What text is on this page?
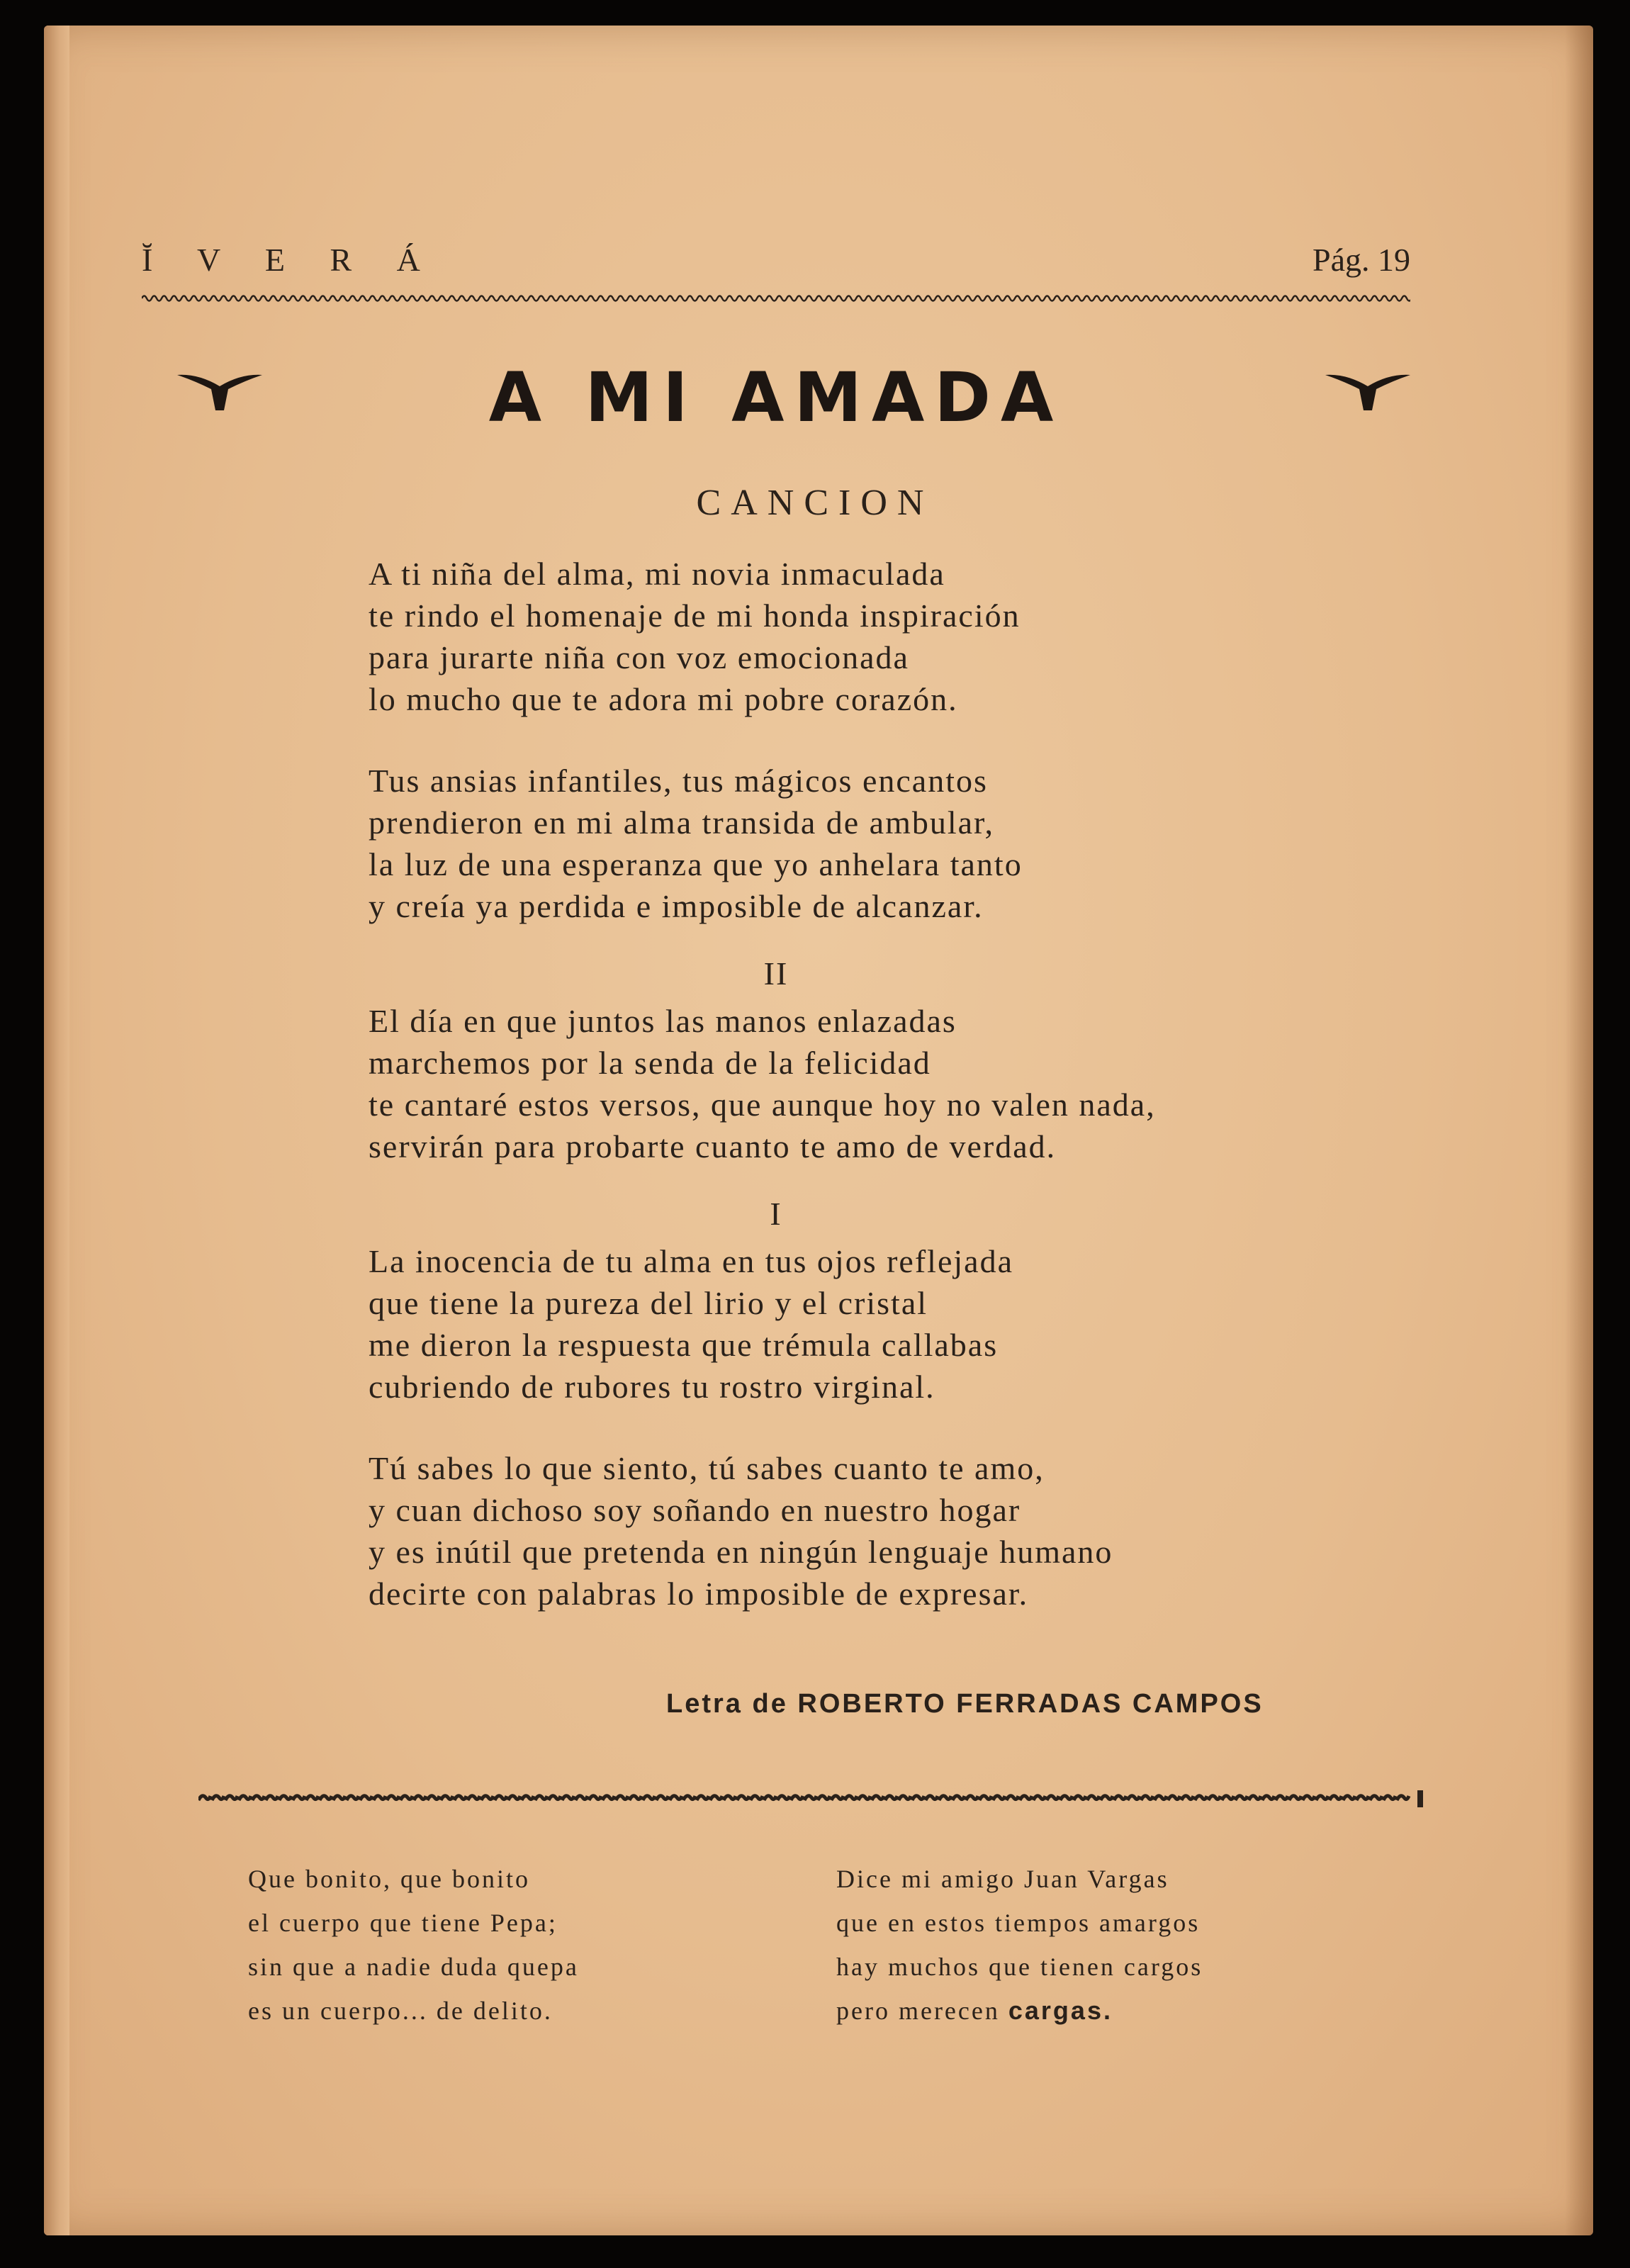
Ĭ V E R Á	Pág. 19
A MI AMADA
CANCION
A ti niña del alma, mi novia inmaculada
te rindo el homenaje de mi honda inspiración
para jurarte niña con voz emocionada
lo mucho que te adora mi pobre corazón.
Tus ansias infantiles, tus mágicos encantos
prendieron en mi alma transida de ambular,
la luz de una esperanza que yo anhelara tanto
y creía ya perdida e imposible de alcanzar.
II
El día en que juntos las manos enlazadas
marchemos por la senda de la felicidad
te cantaré estos versos, que aunque hoy no valen nada,
servirán para probarte cuanto te amo de verdad.
I
La inocencia de tu alma en tus ojos reflejada
que tiene la pureza del lirio y el cristal
me dieron la respuesta que trémula callabas
cubriendo de rubores tu rostro virginal.
Tú sabes lo que siento, tú sabes cuanto te amo,
y cuan dichoso soy soñando en nuestro hogar
y es inútil que pretenda en ningún lenguaje humano
decirte con palabras lo imposible de expresar.
Letra de ROBERTO FERRADAS CAMPOS
Que bonito, que bonito
el cuerpo que tiene Pepa;
sin que a nadie duda quepa
es un cuerpo... de delito.
Dice mi amigo Juan Vargas
que en estos tiempos amargos
hay muchos que tienen cargos
pero merecen cargas.
